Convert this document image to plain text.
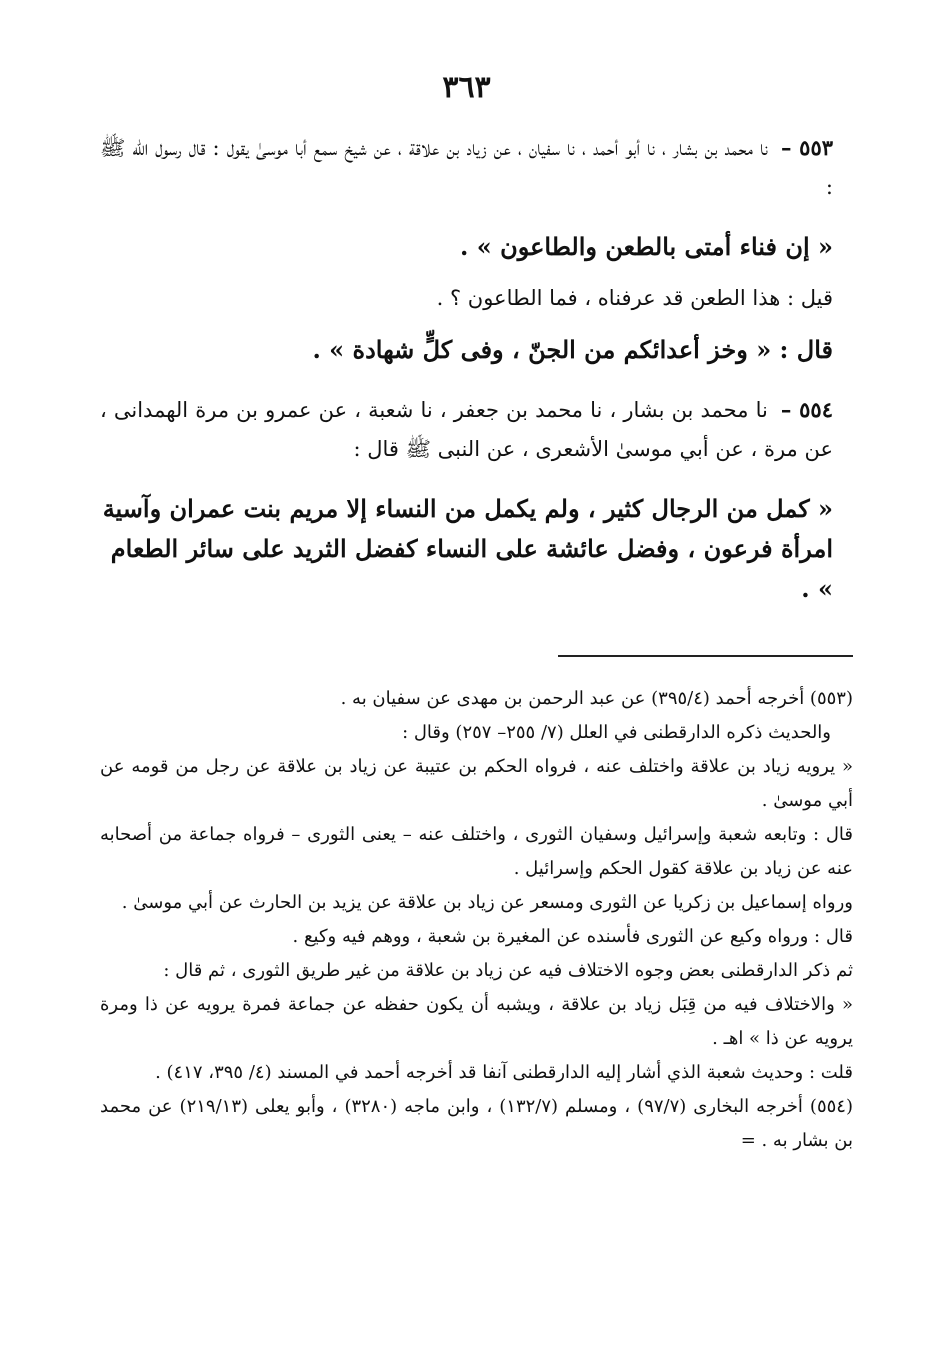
٣٦٣

٥٥٣ – نا محمد بن بشار ، نا أبو أحمد ، نا سفيان ، عن زياد بن علاقة ، عن شيخ سمع أبا موسىٰ يقول : قال رسول الله ﷺ :

« إن فناء أمتى بالطعن والطاعون » .

قيل : هذا الطعن قد عرفناه ، فما الطاعون ؟ .

قال : « وخز أعدائكم من الجنّ ، وفى كلٍّ شهادة » .

٥٥٤ – نا محمد بن بشار ، نا محمد بن جعفر ، نا شعبة ، عن عمرو بن مرة الهمدانى ، عن مرة ، عن أبي موسىٰ الأشعرى ، عن النبى ﷺ قال :

« كمل من الرجال كثير ، ولم يكمل من النساء إلا مريم بنت عمران وآسية امرأة فرعون ، وفضل عائشة على النساء كفضل الثريد على سائر الطعام » .

(٥٥٣) أخرجه أحمد (٣٩٥/٤) عن عبد الرحمن بن مهدى عن سفيان به .

والحديث ذكره الدارقطنى في العلل (٧/ ٢٥٥– ٢٥٧) وقال :

« يرويه زياد بن علاقة واختلف عنه ، فرواه الحكم بن عتيبة عن زياد بن علاقة عن رجل من قومه عن أبي موسىٰ .

قال : وتابعه شعبة وإسرائيل وسفيان الثورى ، واختلف عنه – يعنى الثورى – فرواه جماعة من أصحابه عنه عن زياد بن علاقة كقول الحكم وإسرائيل .

ورواه إسماعيل بن زكريا عن الثورى ومسعر عن زياد بن علاقة عن يزيد بن الحارث عن أبي موسىٰ .

قال : ورواه وكيع عن الثورى فأسنده عن المغيرة بن شعبة ، ووهم فيه وكيع .

ثم ذكر الدارقطنى بعض وجوه الاختلاف فيه عن زياد بن علاقة من غير طريق الثورى ، ثم قال :

« والاختلاف فيه من قِبَل زياد بن علاقة ، ويشبه أن يكون حفظه عن جماعة فمرة يرويه عن ذا ومرة يرويه عن ذا » اهـ .

قلت : وحديث شعبة الذي أشار إليه الدارقطنى آنفا قد أخرجه أحمد في المسند (٤/ ٣٩٥، ٤١٧) .

(٥٥٤) أخرجه البخارى (٩٧/٧) ، ومسلم (١٣٢/٧) ، وابن ماجه (٣٢٨٠) ، وأبو يعلى (٢١٩/١٣) عن محمد بن بشار به . =
